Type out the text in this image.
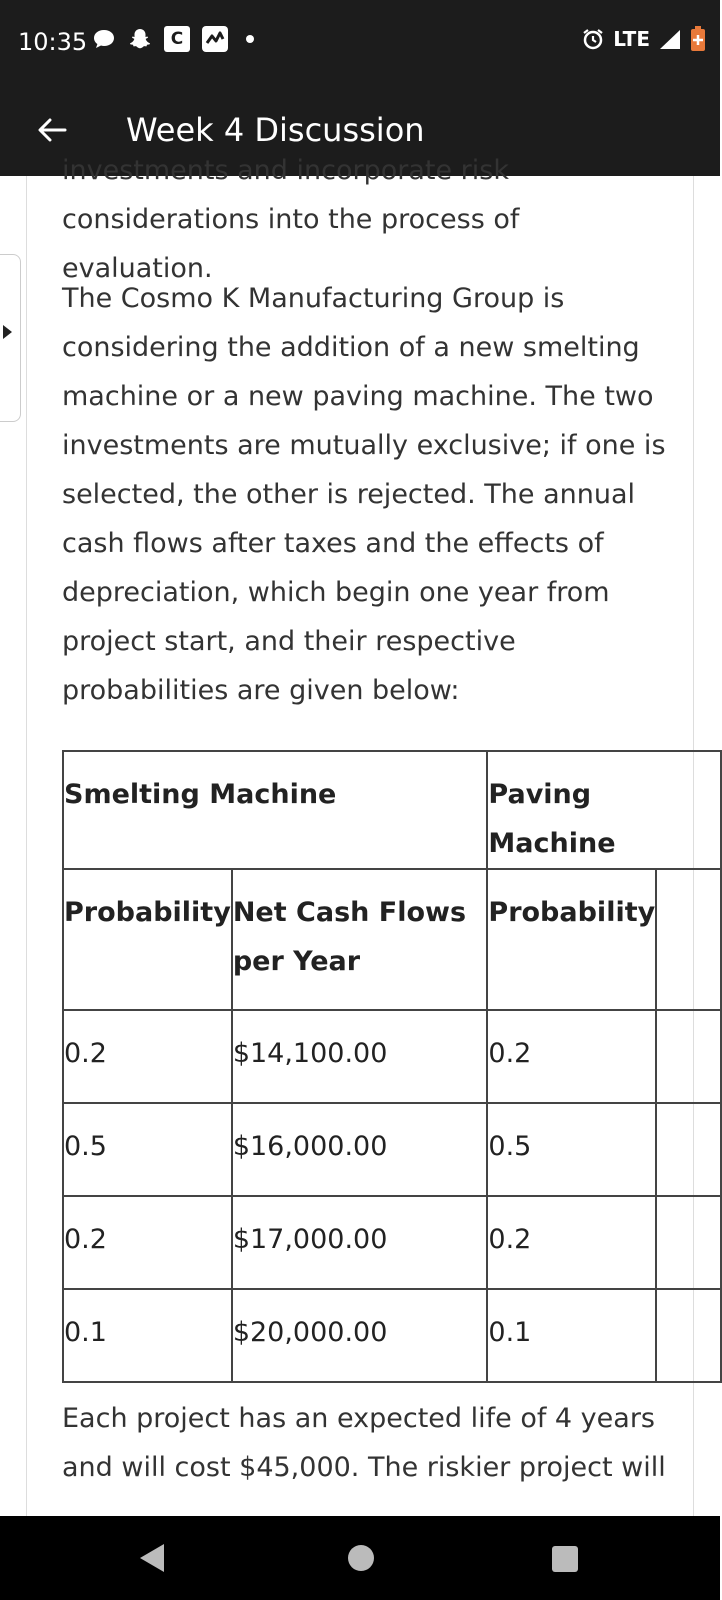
10:35	C	LTE
Week 4 Discussion
investments and incorporate risk considerations into the process of evaluation.
The Cosmo K Manufacturing Group is considering the addition of a new smelting machine or a new paving machine. The two investments are mutually exclusive; if one is selected, the other is rejected. The annual cash flows after taxes and the effects of depreciation, which begin one year from project start, and their respective probabilities are given below:
Smelting Machine		Paving Machine	
Probability	Net Cash Flows per Year	Probability	
0.2	$14,100.00	0.2	
0.5	$16,000.00	0.5	
0.2	$17,000.00	0.2	
0.1	$20,000.00	0.1	
Each project has an expected life of 4 years and will cost $45,000. The riskier project will
